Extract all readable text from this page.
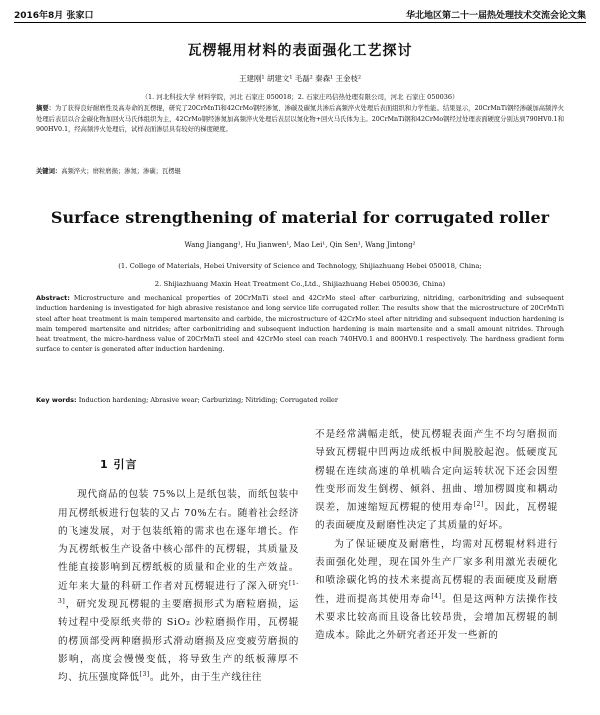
2016年8月 张家口	华北地区第二十一届热处理技术交流会论文集
瓦楞辊用材料的表面强化工艺探讨
王建刚¹ 胡建文¹ 毛磊² 秦森¹ 王金枝²
（1. 河北科技大学 材料学院，河北 石家庄 050018；2. 石家庄玛信热处理有限公司，河北 石家庄 050036）
摘要：为了获得良好耐磨性及高寿命的瓦楞辊，研究了20CrMnTi和42CrMo钢经渗氮、渗碳及碳氮共渗后高频淬火处理后表面组织和力学性能。结果显示，20CrMnTi钢经渗碳加高频淬火处理后表层以合金碳化物加回火马氏体组织为主，42CrMo钢经渗氮加高频淬火处理后表层以氮化物+回火马氏体为主。20CrMnTi钢和42CrMo钢经过处理表面硬度分别达到790HV0.1和900HV0.1，经高频淬火处理后，试样表面渗层具有较好的梯度硬度。
关键词：高频淬火；磨粒磨损；渗氮；渗碳；瓦楞辊
Surface strengthening of material for corrugated roller
Wang Jiangang¹, Hu Jianwen¹, Mao Lei¹, Qin Sen¹, Wang Jintong²
(1. College of Materials, Hebei University of Science and Technology, Shijiazhuang Hebei 050018, China;
2. Shijiazhuang Maxin Heat Treatment Co.,Ltd., Shijiazhuang Hebei 050036, China)
Abstract: Microstructure and mechanical properties of 20CrMnTi steel and 42CrMo steel after carburizing, nitriding, carbonitriding and subsequent induction hardening is investigated for high abrasive resistance and long service life corrugated roller. The results show that the microstructure of 20CrMnTi steel after heat treatment is main tempered martensite and carbide, the microstructure of 42CrMo steel after nitriding and subsequent induction hardening is main tempered martensite and nitrides; after carbonitriding and subsequent induction hardening is main martensite and a small amount nitrides. Through heat treatment, the micro-hardness value of 20CrMnTi steel and 42CrMo steel can reach 740HV0.1 and 800HV0.1 respectively. The hardness gradient form surface to center is generated after induction hardening.
Key words: Induction hardening; Abrasive wear; Carburizing; Nitriding; Corrugated roller
1 引言

现代商品的包装 75%以上是纸包装，而纸包装中用瓦楞纸板进行包装的又占 70%左右。随着社会经济的飞速发展，对于包装纸箱的需求也在逐年增长。作为瓦楞纸板生产设备中核心部件的瓦楞辊，其质量及性能直接影响到瓦楞纸板的质量和企业的生产效益。近年来大量的科研工作者对瓦楞辊进行了深入研究[1-3]，研究发现瓦楞辊的主要磨损形式为磨粒磨损，运转过程中受原纸夹带的 SiO₂ 沙粒磨损作用，瓦楞辊的楞顶部受两种磨损形式滑动磨损及应变疲劳磨损的影响，高度会慢慢变低，将导致生产的纸板薄厚不均、抗压强度降低[3]。此外，由于生产线往往

不是经常满幅走纸，使瓦楞辊表面产生不均匀磨损而导致瓦楞辊中凹两边成纸板中间脱胶起泡。低硬度瓦楞辊在连续高速的单机啮合定向运转状况下还会因塑性变形而发生倒楞、倾斜、扭曲、增加楞圆度和耦动误差，加速缩短瓦楞辊的使用寿命[2]。因此，瓦楞辊的表面硬度及耐磨性决定了其质量的好坏。

为了保证硬度及耐磨性，均需对瓦楞辊材料进行表面强化处理，现在国外生产厂家多利用激光表硬化和喷涂碳化钨的技术来提高瓦楞辊的表面硬度及耐磨性，进而提高其使用寿命[4]。但是这两种方法操作技术要求比较高而且设备比较昂贵，会增加瓦楞辊的制造成本。除此之外研究者还开发一些新的
